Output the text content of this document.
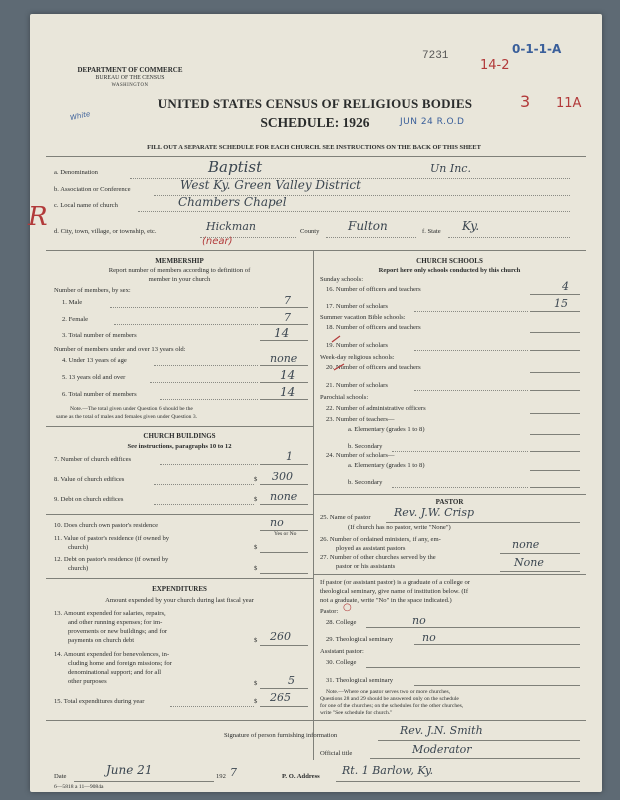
DEPARTMENT OF COMMERCE
BUREAU OF THE CENSUS
WASHINGTON
UNITED STATES CENSUS OF RELIGIOUS BODIES
SCHEDULE: 1926
FILL OUT A SEPARATE SCHEDULE FOR EACH CHURCH. SEE INSTRUCTIONS ON THE BACK OF THIS SHEET
JUN 24 R.O.D
7231	0-1-1-A
White
14-2
3 11A
a. Denomination	Baptist	Un Inc.
b. Association or Conference	West Ky. Green Valley District
c. Local name of church	Chambers Chapel
d. City, town, village, or township, etc.	Hickman
(near)
County Fulton	f. State Ky.
R
MEMBERSHIP
Report number of members according to definition of
member in your church
Number of members, by sex:
1. Male	7
2. Female	7
3. Total number of members	14
Number of members under and over 13 years old:
4. Under 13 years of age	none
5. 13 years old and over	14
6. Total number of members	14
Note.—The total given under Question 6 should be the
same as the total of males and females given under Question 3.
CHURCH BUILDINGS
See instructions, paragraphs 10 to 12
7. Number of church edifices	1
8. Value of church edifices	$ 300
9. Debt on church edifices	$ none
10. Does church own pastor's residence	no
Yes or No
11. Value of pastor's residence (if owned by
church)	$
12. Debt on pastor's residence (if owned by
church)	$
EXPENDITURES
Amount expended by your church during last fiscal year
13. Amount expended for salaries, repairs,
and other running expenses; for im-
provements or new buildings; and for
payments on church debt	$ 260
14. Amount expended for benevolences, in-
cluding home and foreign missions; for
denominational support; and for all
other purposes	$	5
15. Total expenditures during year	$ 265
CHURCH SCHOOLS
Report here only schools conducted by this church
Sunday schools:
16. Number of officers and teachers	4
17. Number of scholars	15
Summer vacation Bible schools:
18. Number of officers and teachers
19. Number of scholars
Week-day religious schools:
20. Number of officers and teachers
21. Number of scholars
Parochial schools:
22. Number of administrative officers
23. Number of teachers—
a. Elementary (grades 1 to 8)
b. Secondary
24. Number of scholars—
a. Elementary (grades 1 to 8)
b. Secondary
PASTOR
25. Name of pastor Rev. J.W. Crisp
(If church has no pastor, write "None")
26. Number of ordained ministers, if any, em-
ployed as assistant pastors	none
27. Number of other churches served by the
pastor or his assistants	None
If pastor (or assistant pastor) is a graduate of a college or
theological seminary, give name of institution below. (If
not a graduate, write "No" in the space indicated.)
Pastor: ○
28. College	no
29. Theological seminary	no
Assistant pastor:
30. College
31. Theological seminary
Note.—Where one pastor serves two or more churches,
Questions 28 and 29 should be answered only on the schedule
for one of the churches; on the schedules for the other churches,
write "See schedule for church."
Signature of person furnishing information	Rev. J.N. Smith
Official title	Moderator
Date	June 21	192 7	P. O. Address Rt. 1 Barlow, Ky.
6—5818 a 11—9084a
